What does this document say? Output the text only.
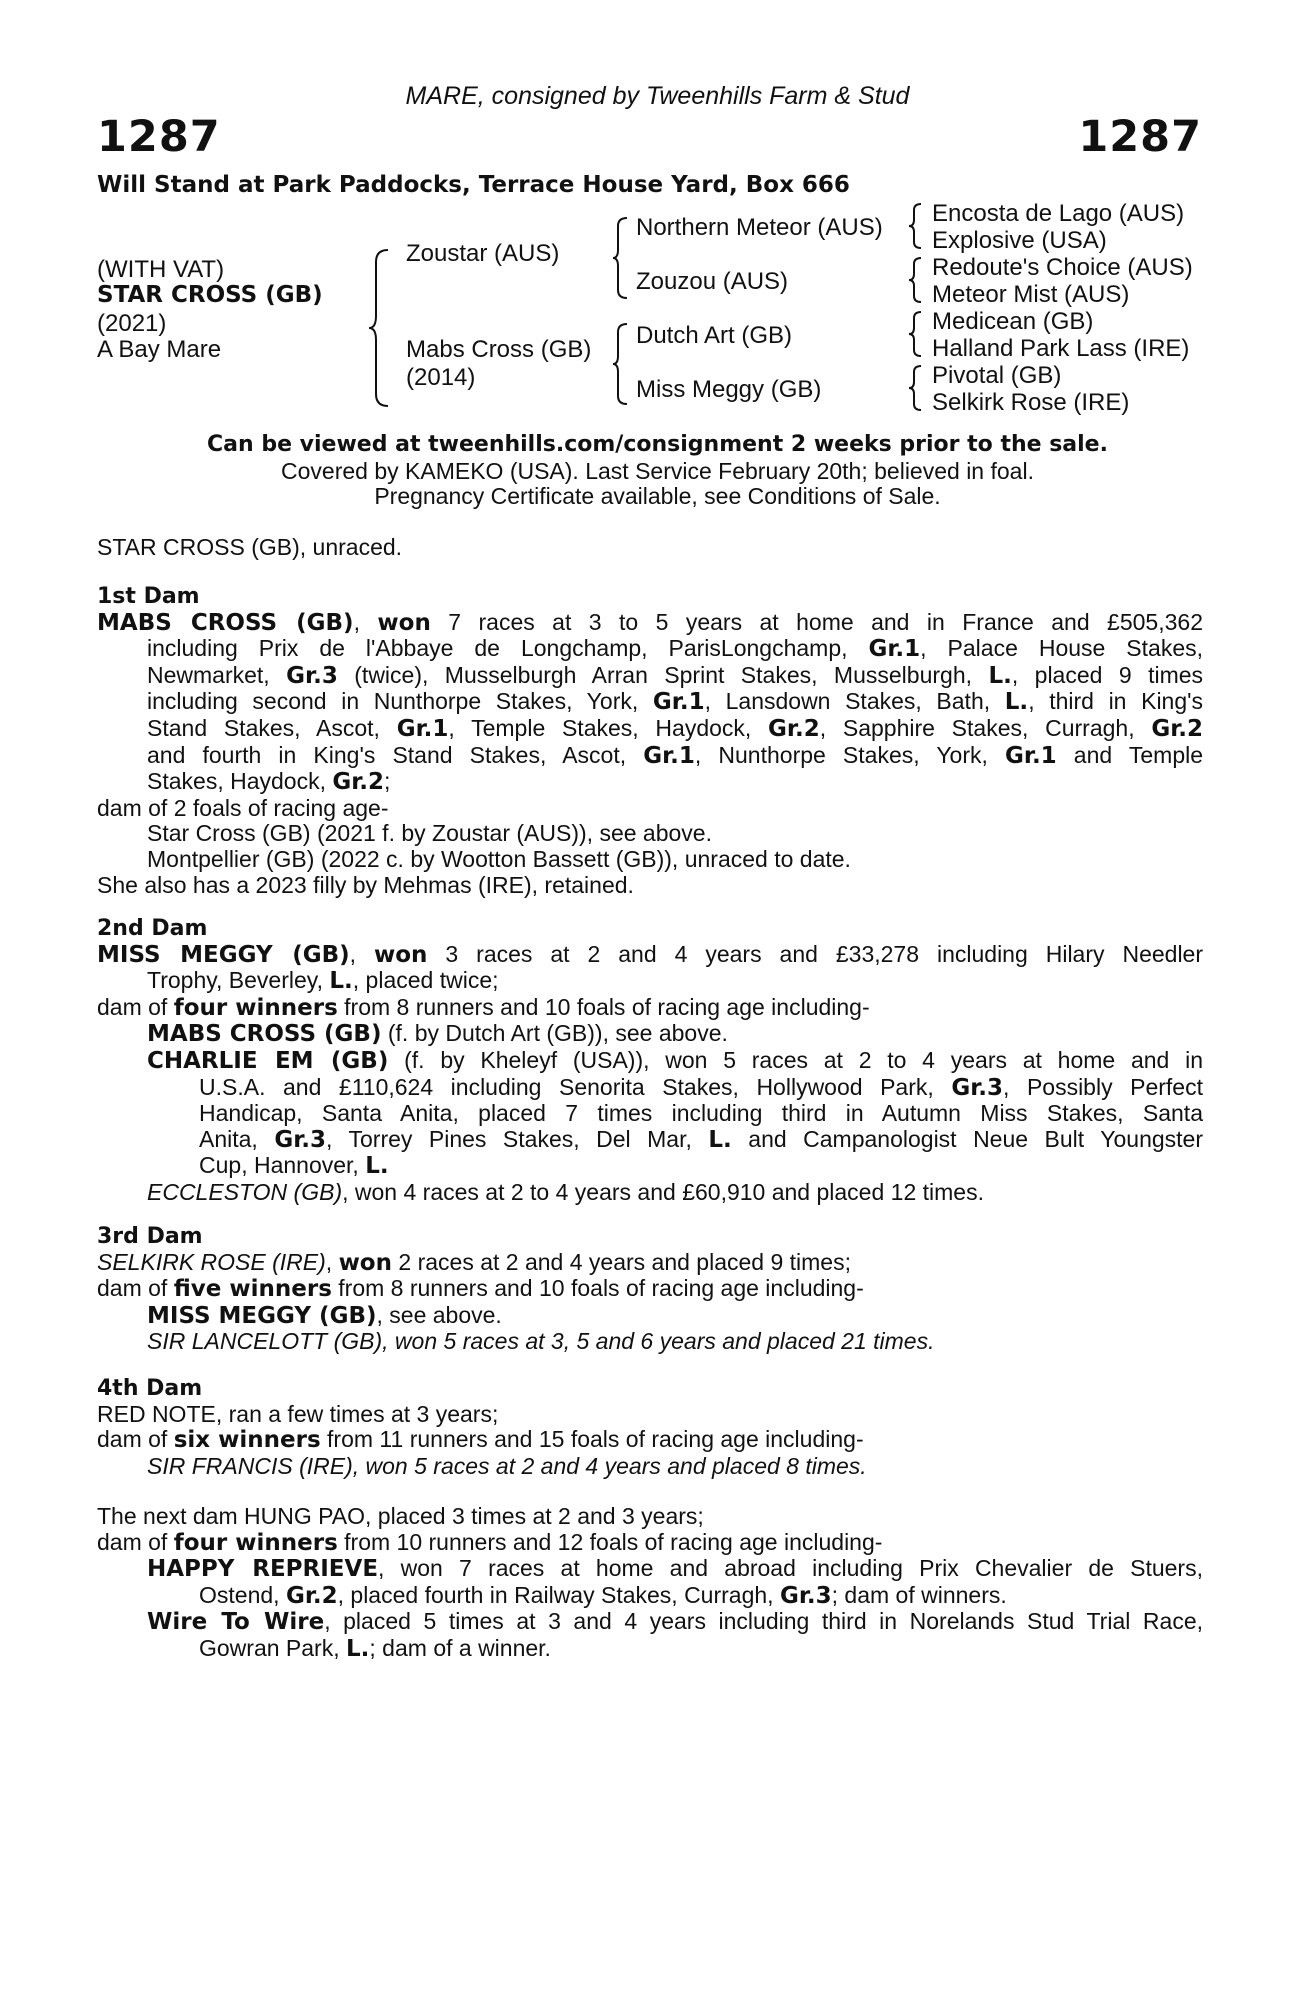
MARE, consigned by Tweenhills Farm & Stud
1287	1287
Will Stand at Park Paddocks, Terrace House Yard, Box 666
(WITH VAT)
STAR CROSS (GB)
(2021)
A Bay Mare
Zoustar (AUS)
Mabs Cross (GB)
(2014)
Northern Meteor (AUS)
Zouzou (AUS)
Dutch Art (GB)
Miss Meggy (GB)
Encosta de Lago (AUS)
Explosive (USA)
Redoute's Choice (AUS)
Meteor Mist (AUS)
Medicean (GB)
Halland Park Lass (IRE)
Pivotal (GB)
Selkirk Rose (IRE)
Can be viewed at tweenhills.com/consignment 2 weeks prior to the sale.
Covered by KAMEKO (USA). Last Service February 20th; believed in foal.
Pregnancy Certificate available, see Conditions of Sale.
STAR CROSS (GB), unraced.

1st Dam

MABS CROSS (GB), won 7 races at 3 to 5 years at home and in France and £505,362

including Prix de l'Abbaye de Longchamp, ParisLongchamp, Gr.1, Palace House Stakes,

Newmarket, Gr.3 (twice), Musselburgh Arran Sprint Stakes, Musselburgh, L., placed 9 times

including second in Nunthorpe Stakes, York, Gr.1, Lansdown Stakes, Bath, L., third in King's

Stand Stakes, Ascot, Gr.1, Temple Stakes, Haydock, Gr.2, Sapphire Stakes, Curragh, Gr.2

and fourth in King's Stand Stakes, Ascot, Gr.1, Nunthorpe Stakes, York, Gr.1 and Temple

Stakes, Haydock, Gr.2;

dam of 2 foals of racing age-

Star Cross (GB) (2021 f. by Zoustar (AUS)), see above.

Montpellier (GB) (2022 c. by Wootton Bassett (GB)), unraced to date.

She also has a 2023 filly by Mehmas (IRE), retained.

2nd Dam

MISS MEGGY (GB), won 3 races at 2 and 4 years and £33,278 including Hilary Needler

Trophy, Beverley, L., placed twice;

dam of four winners from 8 runners and 10 foals of racing age including-

MABS CROSS (GB) (f. by Dutch Art (GB)), see above.

CHARLIE EM (GB) (f. by Kheleyf (USA)), won 5 races at 2 to 4 years at home and in

U.S.A. and £110,624 including Senorita Stakes, Hollywood Park, Gr.3, Possibly Perfect

Handicap, Santa Anita, placed 7 times including third in Autumn Miss Stakes, Santa

Anita, Gr.3, Torrey Pines Stakes, Del Mar, L. and Campanologist Neue Bult Youngster

Cup, Hannover, L.

ECCLESTON (GB), won 4 races at 2 to 4 years and £60,910 and placed 12 times.

3rd Dam

SELKIRK ROSE (IRE), won 2 races at 2 and 4 years and placed 9 times;

dam of five winners from 8 runners and 10 foals of racing age including-

MISS MEGGY (GB), see above.

SIR LANCELOTT (GB), won 5 races at 3, 5 and 6 years and placed 21 times.

4th Dam

RED NOTE, ran a few times at 3 years;

dam of six winners from 11 runners and 15 foals of racing age including-

SIR FRANCIS (IRE), won 5 races at 2 and 4 years and placed 8 times.

The next dam HUNG PAO, placed 3 times at 2 and 3 years;

dam of four winners from 10 runners and 12 foals of racing age including-

HAPPY REPRIEVE, won 7 races at home and abroad including Prix Chevalier de Stuers,

Ostend, Gr.2, placed fourth in Railway Stakes, Curragh, Gr.3; dam of winners.

Wire To Wire, placed 5 times at 3 and 4 years including third in Norelands Stud Trial Race,

Gowran Park, L.; dam of a winner.
